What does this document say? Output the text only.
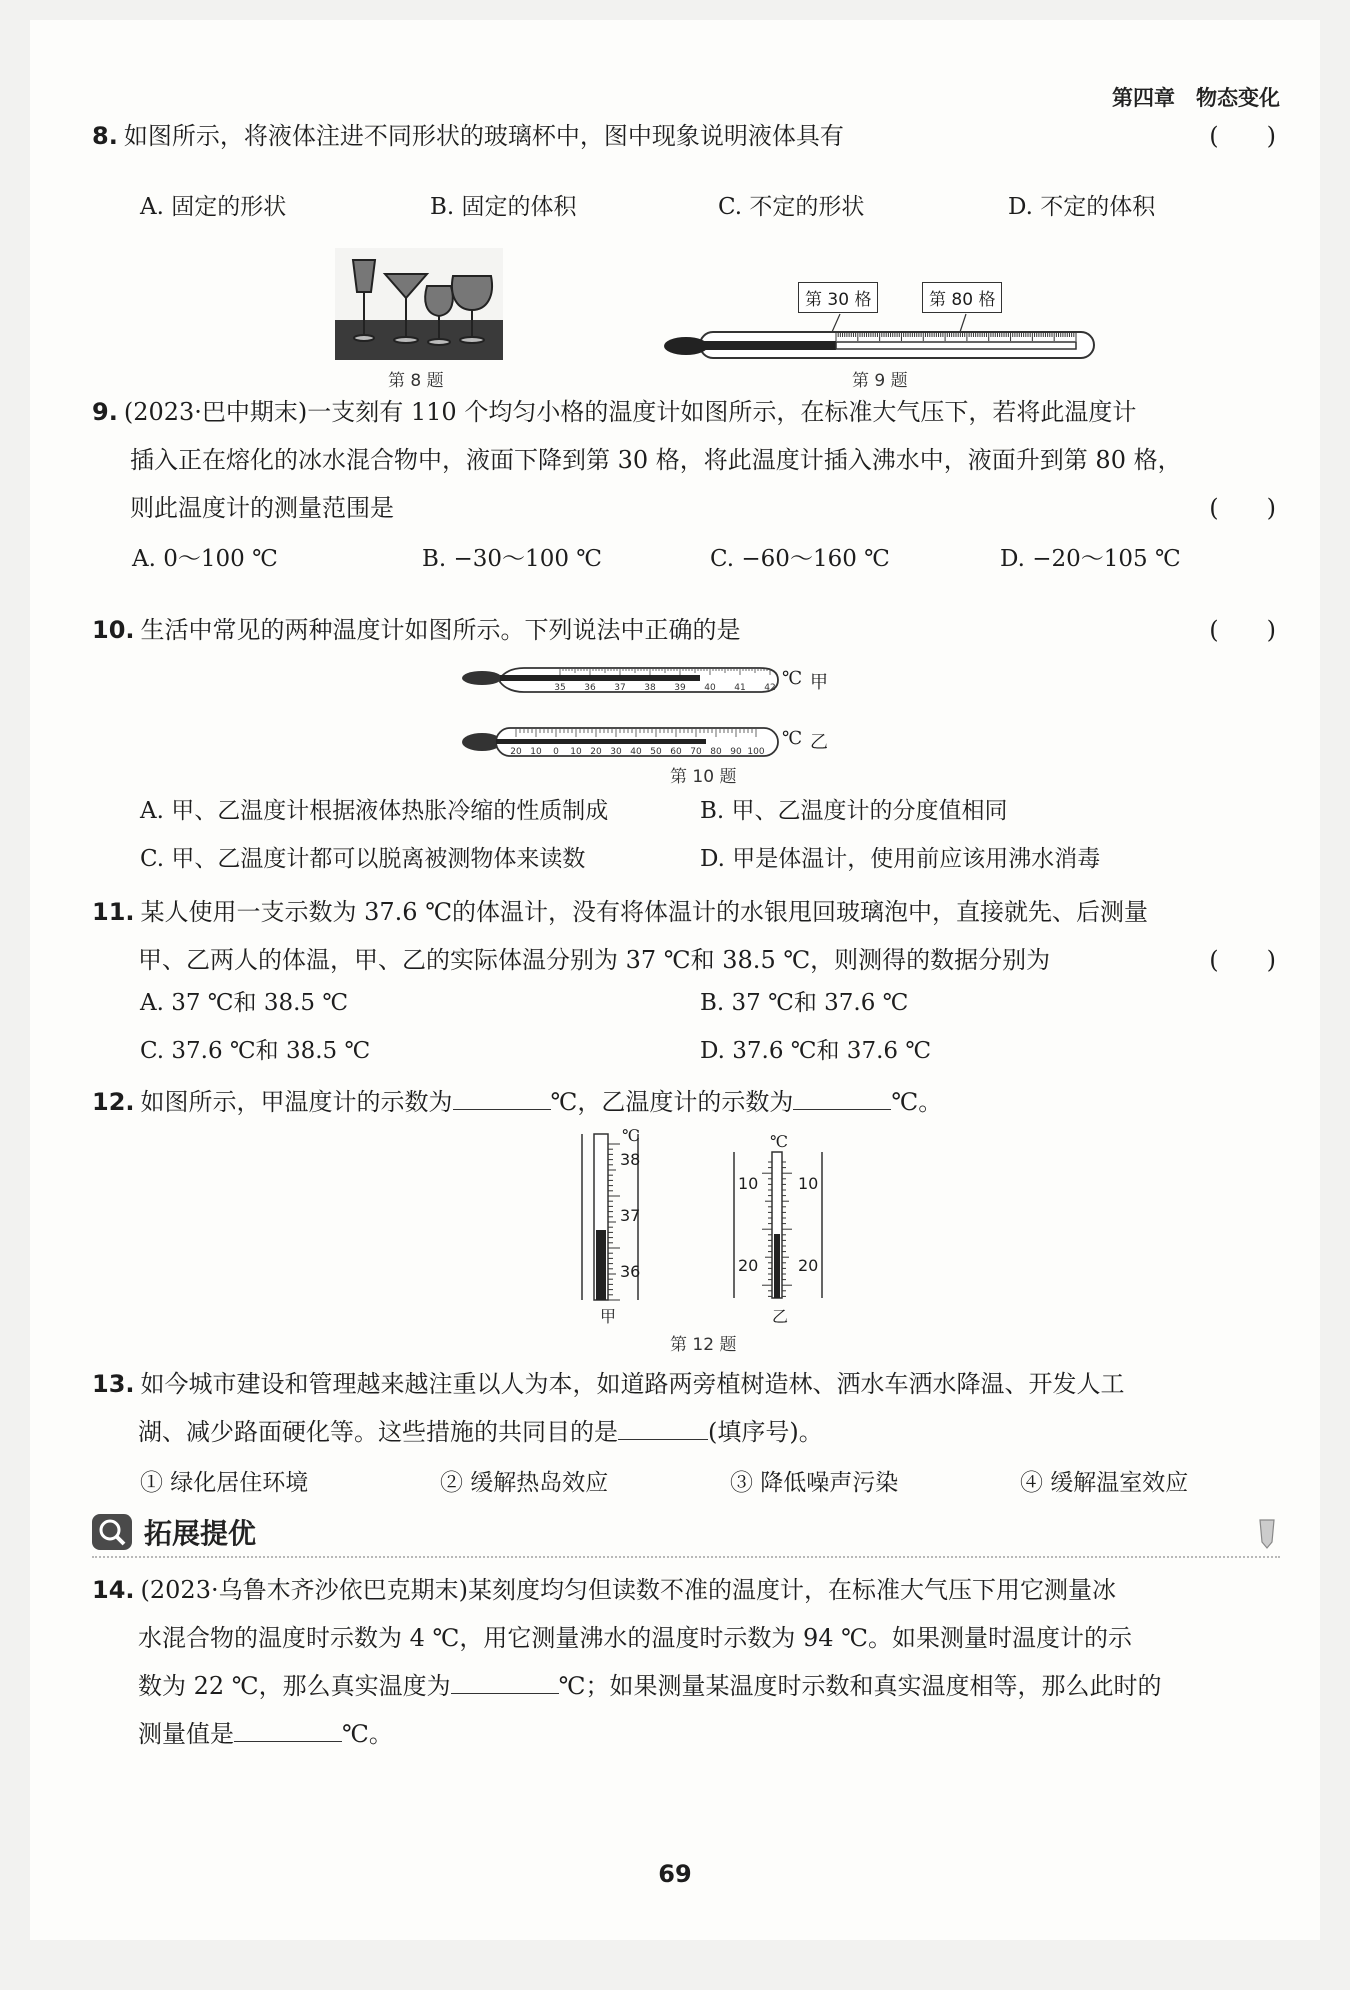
第四章　物态变化
8. 如图所示，将液体注进不同形状的玻璃杯中，图中现象说明液体具有	(　　)
A. 固定的形状	B. 固定的体积	C. 不定的形状	D. 不定的体积
第 8 题
第 30 格	第 80 格
第 9 题
9. (2023·巴中期末)一支刻有 110 个均匀小格的温度计如图所示，在标准大气压下，若将此温度计
插入正在熔化的冰水混合物中，液面下降到第 30 格，将此温度计插入沸水中，液面升到第 80 格，
则此温度计的测量范围是	(　　)
A. 0～100 ℃	B. −30～100 ℃	C. −60～160 ℃	D. −20～105 ℃
10. 生活中常见的两种温度计如图所示。下列说法中正确的是	(　　)
35 36 37 38 39 40 41 42
20 10 0 10 20 30 40 50 60 70 80 90 100
℃ 甲
℃ 乙
第 10 题
A. 甲、乙温度计根据液体热胀冷缩的性质制成	B. 甲、乙温度计的分度值相同
C. 甲、乙温度计都可以脱离被测物体来读数	D. 甲是体温计，使用前应该用沸水消毒
11. 某人使用一支示数为 37.6 ℃的体温计，没有将体温计的水银甩回玻璃泡中，直接就先、后测量
甲、乙两人的体温，甲、乙的实际体温分别为 37 ℃和 38.5 ℃，则测得的数据分别为	(　　)
A. 37 ℃和 38.5 ℃	B. 37 ℃和 37.6 ℃
C. 37.6 ℃和 38.5 ℃	D. 37.6 ℃和 37.6 ℃
12. 如图所示，甲温度计的示数为	℃，乙温度计的示数为	℃。
℃
38
37
36
甲
℃
10 10
20 20
乙
第 12 题
13. 如今城市建设和管理越来越注重以人为本，如道路两旁植树造林、洒水车洒水降温、开发人工
湖、减少路面硬化等。这些措施的共同目的是	(填序号)。
① 绿化居住环境	② 缓解热岛效应	③ 降低噪声污染	④ 缓解温室效应
拓展提优
14. (2023·乌鲁木齐沙依巴克期末)某刻度均匀但读数不准的温度计，在标准大气压下用它测量冰
水混合物的温度时示数为 4 ℃，用它测量沸水的温度时示数为 94 ℃。如果测量时温度计的示
数为 22 ℃，那么真实温度为	℃；如果测量某温度时示数和真实温度相等，那么此时的
测量值是	℃。
69
